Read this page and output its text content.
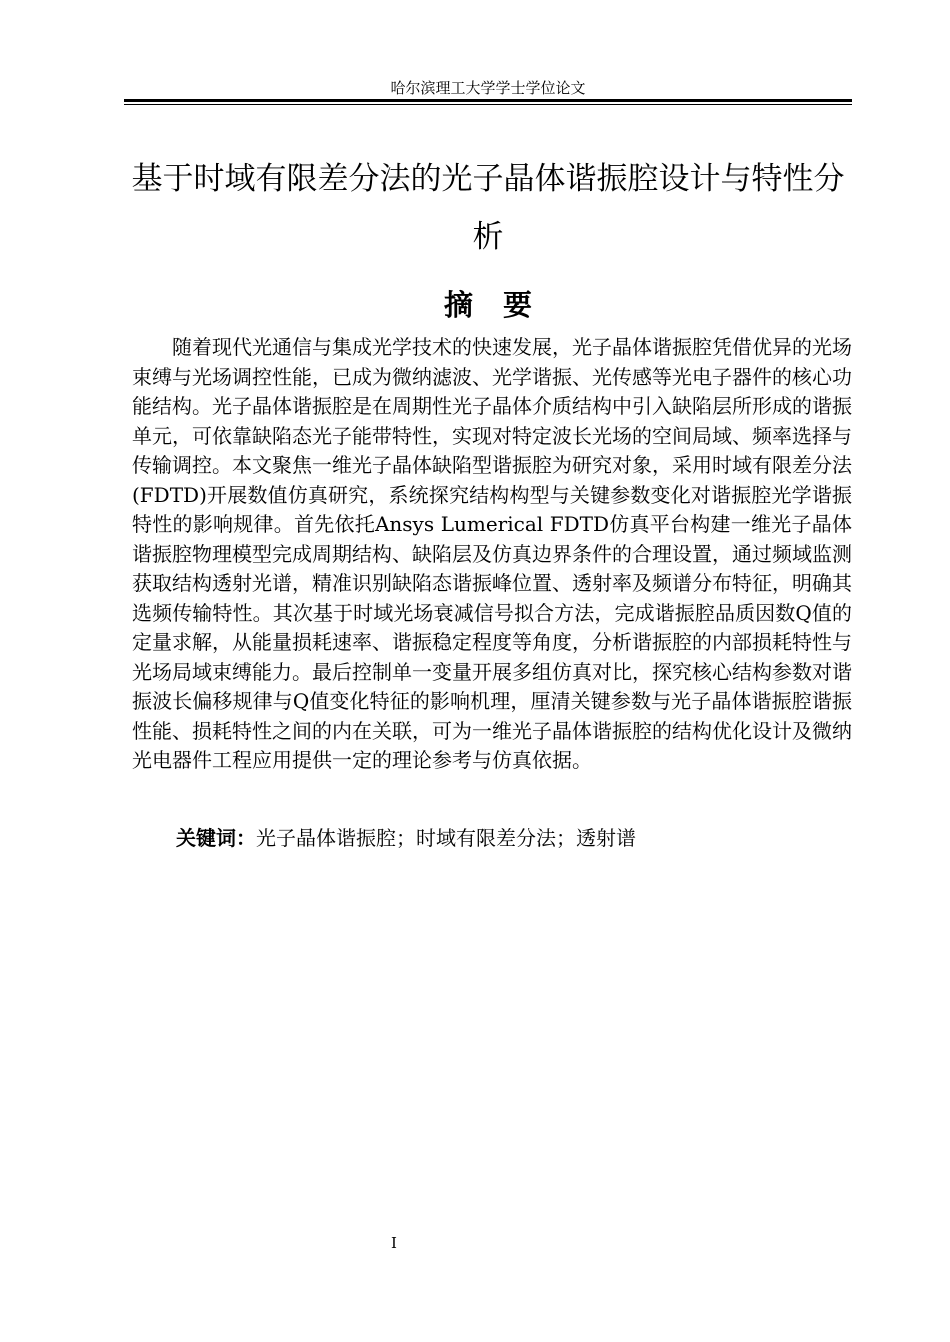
哈尔滨理工大学学士学位论文
基于时域有限差分法的光子晶体谐振腔设计与特性分析
摘要

随着现代光通信与集成光学技术的快速发展，光子晶体谐振腔凭借优异的光场束缚与光场调控性能，已成为微纳滤波、光学谐振、光传感等光电子器件的核心功能结构。光子晶体谐振腔是在周期性光子晶体介质结构中引入缺陷层所形成的谐振单元，可依靠缺陷态光子能带特性，实现对特定波长光场的空间局域、频率选择与传输调控。本文聚焦一维光子晶体缺陷型谐振腔为研究对象，采用时域有限差分法(FDTD)开展数值仿真研究，系统探究结构构型与关键参数变化对谐振腔光学谐振特性的影响规律。首先依托Ansys Lumerical FDTD仿真平台构建一维光子晶体谐振腔物理模型完成周期结构、缺陷层及仿真边界条件的合理设置，通过频域监测获取结构透射光谱，精准识别缺陷态谐振峰位置、透射率及频谱分布特征，明确其选频传输特性。其次基于时域光场衰减信号拟合方法，完成谐振腔品质因数Q值的定量求解，从能量损耗速率、谐振稳定程度等角度，分析谐振腔的内部损耗特性与光场局域束缚能力。最后控制单一变量开展多组仿真对比，探究核心结构参数对谐振波长偏移规律与Q值变化特征的影响机理，厘清关键参数与光子晶体谐振腔谐振性能、损耗特性之间的内在关联，可为一维光子晶体谐振腔的结构优化设计及微纳光电器件工程应用提供一定的理论参考与仿真依据。

关键词：光子晶体谐振腔；时域有限差分法；透射谱

I
